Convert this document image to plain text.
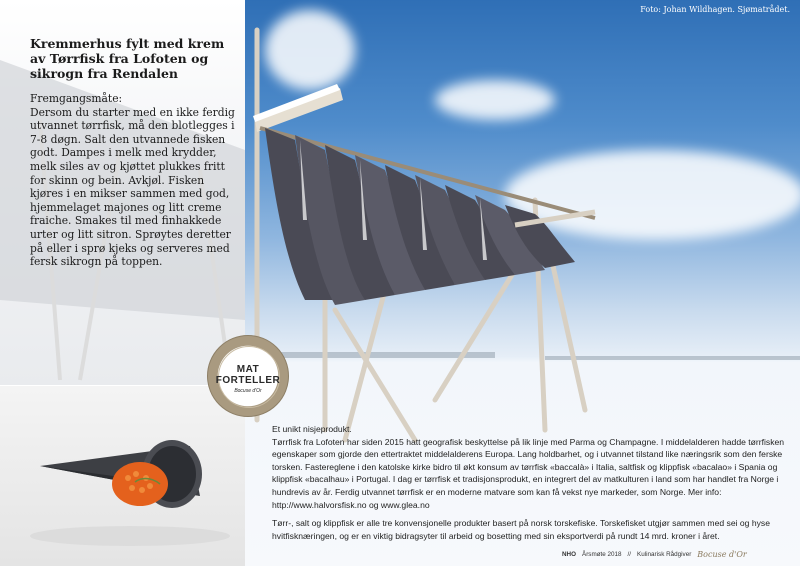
Foto: Johan Wildhagen. Sjømatrådet.
Kremmerhus fylt med krem av Tørrfisk fra Lofoten og sikrogn fra Rendalen

Fremgangsmåte:

Dersom du starter med en ikke ferdig utvannet tørrfisk, må den blotlegges i 7-8 døgn. Salt den utvannede fisken godt. Dampes i melk med krydder, melk siles av og kjøttet plukkes fritt for skinn og bein. Avkjøl. Fisken kjøres i en mikser sammen med god, hjemmelaget majones og litt creme fraiche. Smakes til med finhakkede urter og litt sitron. Sprøytes deretter på eller i sprø kjeks og serveres med fersk sikrogn på toppen.

MAT
FORTELLER
Bocuse d'Or

Et unikt nisjeprodukt.

Tørrfisk fra Lofoten har siden 2015 hatt geografisk beskyttelse på lik linje med Parma og Champagne. I middelalderen hadde tørrfisken egenskaper som gjorde den ettertraktet middelalderens Europa. Lang holdbarhet, og i utvannet tilstand like næringsrik som den ferske torsken. Fastereglene i den katolske kirke bidro til økt konsum av tørrfisk «baccalà» i Italia, saltfisk og klippfisk «bacalao» i Spania og klippfisk «bacalhau» i Portugal. I dag er tørrfisk et tradisjonsprodukt, en integrert del av matkulturen i land som har handlet fra Norge i hundrevis av år. Ferdig utvannet tørrfisk er en moderne matvare som kan få vekst nye markeder, som Norge. Mer info: http://www.halvorsfisk.no og www.glea.no

Tørr-, salt og klippfisk er alle tre konvensjonelle produkter basert på norsk torskefiske. Torskefisket utgjør sammen med sei og hyse hvitfisknæringen, og er en viktig bidragsyter til arbeid og bosetting med sin eksportverdi på rundt 14 mrd. kroner i året.

NHO Årsmøte 2018 // Kulinarisk Rådgiver Bocuse d'Or
